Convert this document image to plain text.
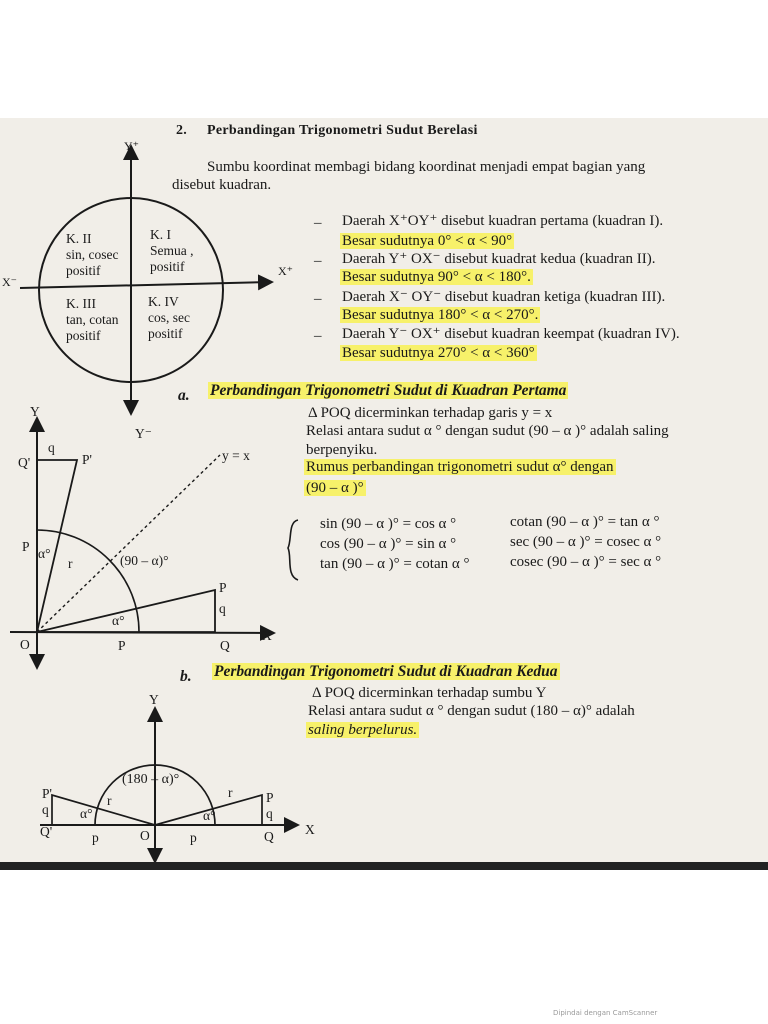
2. Perbandingan Trigonometri Sudut Berelasi
Sumbu koordinat membagi bidang koordinat menjadi empat bagian yang
disebut kuadran.
Y⁺
Y⁻
X⁺
X⁻
K. I
Semua ,
positif
K. II
sin, cosec
positif
K. III
tan, cotan
positif
K. IV
cos, sec
positif
– Daerah X⁺OY⁺ disebut kuadran pertama (kuadran I).
Besar sudutnya 0° < α < 90°
– Daerah Y⁺ OX⁻ disebut kuadrat kedua (kuadran II).
Besar sudutnya 90° < α < 180°.
– Daerah X⁻ OY⁻ disebut kuadran ketiga (kuadran III).
Besar sudutnya 180° < α < 270°.
– Daerah Y⁻ OX⁺ disebut kuadran keempat (kuadran IV).
Besar sudutnya 270° < α < 360°
a. Perbandingan Trigonometri Sudut di Kuadran Pertama
Δ POQ dicerminkan terhadap garis y = x
Relasi antara sudut α ° dengan sudut (90 – α )° adalah saling
berpenyiku.
Rumus perbandingan trigonometri sudut α° dengan
(90 – α )°
sin (90 – α )° = cos α °
cos (90 – α )° = sin α °
tan (90 – α )° = cotan α °
cotan (90 – α )° = tan α °
sec (90 – α )° = cosec α °
cosec (90 – α )° = sec α °
Y
X
O
Q'	P'
q
P α°
r	(90 – α)°
y = x
P
q
α°
P	Q
b. Perbandingan Trigonometri Sudut di Kuadran Kedua
Δ POQ dicerminkan terhadap sumbu Y
Relasi antara sudut α ° dengan sudut (180 – α)° adalah
saling berpelurus.
Y
X
O
(180 – α)°
P'
q
r
α°
Q'	p
r P
q
α°
p	Q
Dipindai dengan CamScanner
